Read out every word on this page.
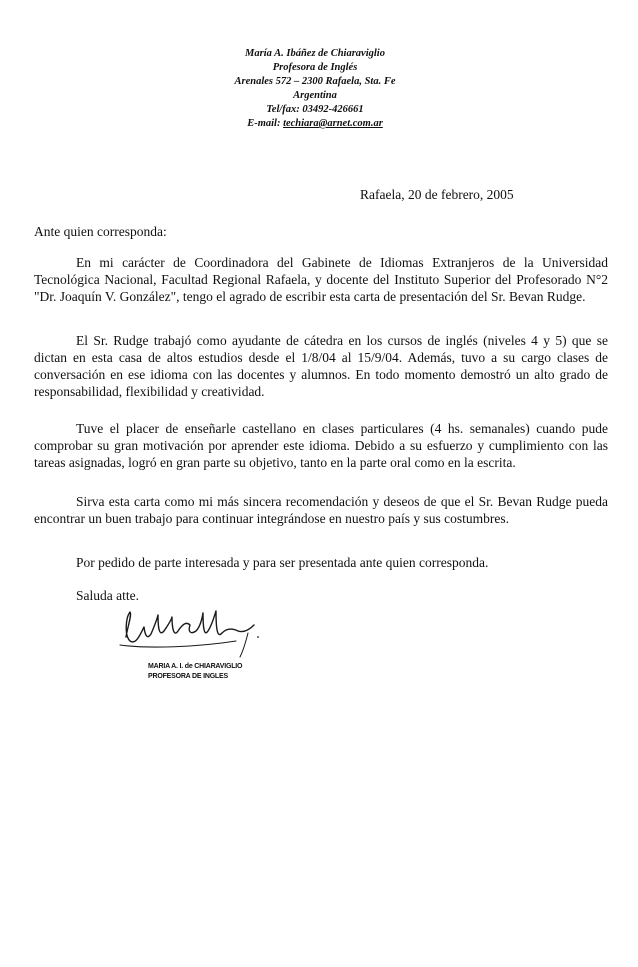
María A. Ibáñez de Chiaraviglio
Profesora de Inglés
Arenales 572 – 2300 Rafaela, Sta. Fe
Argentina
Tel/fax: 03492-426661
E-mail: techiara@arnet.com.ar
Rafaela, 20 de febrero, 2005
Ante quien corresponda:

En mi carácter de Coordinadora del Gabinete de Idiomas Extranjeros de la Universidad Tecnológica Nacional, Facultad Regional Rafaela, y docente del Instituto Superior del Profesorado N°2 "Dr. Joaquín V. González", tengo el agrado de escribir esta carta de presentación del Sr. Bevan Rudge.

El Sr. Rudge trabajó como ayudante de cátedra en los cursos de inglés (niveles 4 y 5) que se dictan en esta casa de altos estudios desde el 1/8/04 al 15/9/04. Además, tuvo a su cargo clases de conversación en ese idioma con las docentes y alumnos. En todo momento demostró un alto grado de responsabilidad, flexibilidad y creatividad.

Tuve el placer de enseñarle castellano en clases particulares (4 hs. semanales) cuando pude comprobar su gran motivación por aprender este idioma. Debido a su esfuerzo y cumplimiento con las tareas asignadas, logró en gran parte su objetivo, tanto en la parte oral como en la escrita.

Sirva esta carta como mi más sincera recomendación y deseos de que el Sr. Bevan Rudge pueda encontrar un buen trabajo para continuar integrándose en nuestro país y sus costumbres.

Por pedido de parte interesada y para ser presentada ante quien corresponda.

Saluda atte.
MARIA A. I. de CHIARAVIGLIO
PROFESORA DE INGLES
